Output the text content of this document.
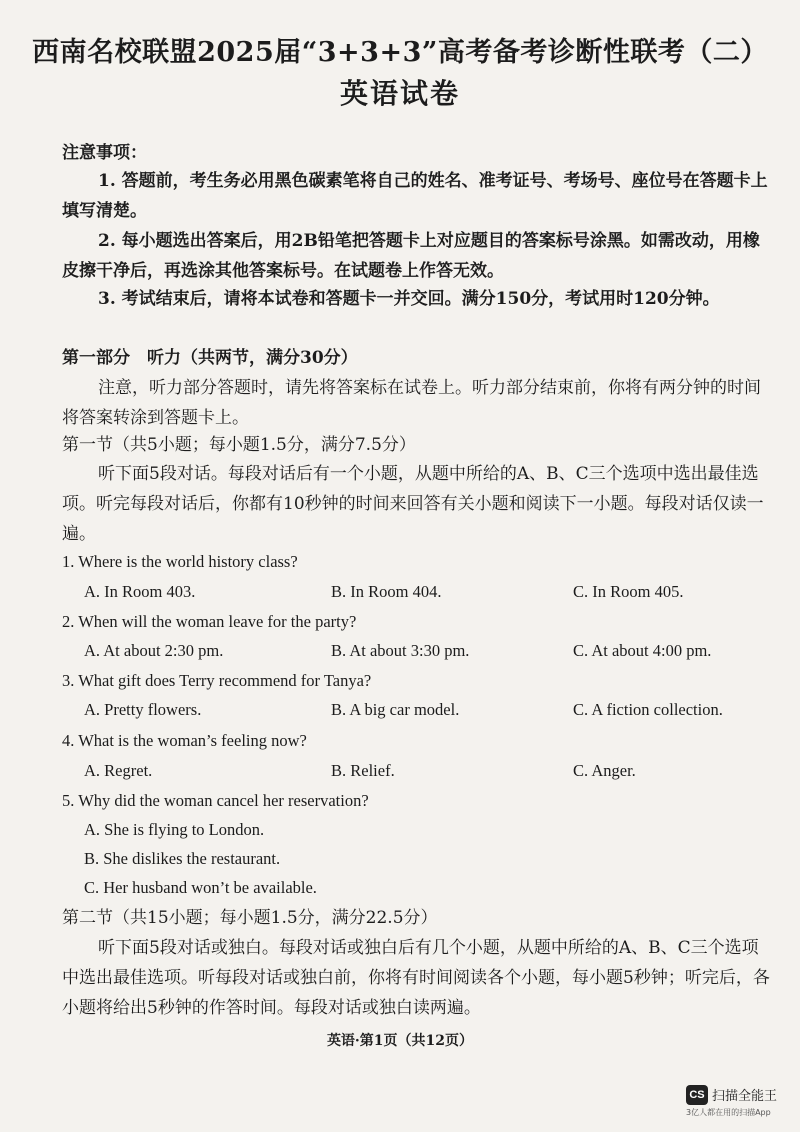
西南名校联盟2025届“3+3+3”高考备考诊断性联考（二）
英语试卷
注意事项：
1. 答题前，考生务必用黑色碳素笔将自己的姓名、准考证号、考场号、座位号在答题卡上填写清楚。
2. 每小题选出答案后，用2B铅笔把答题卡上对应题目的答案标号涂黑。如需改动，用橡皮擦干净后，再选涂其他答案标号。在试题卷上作答无效。
3. 考试结束后，请将本试卷和答题卡一并交回。满分150分，考试用时120分钟。
第一部分　听力（共两节，满分30分）
注意，听力部分答题时，请先将答案标在试卷上。听力部分结束前，你将有两分钟的时间将答案转涂到答题卡上。
第一节（共5小题；每小题1.5分，满分7.5分）
听下面5段对话。每段对话后有一个小题，从题中所给的A、B、C三个选项中选出最佳选项。听完每段对话后，你都有10秒钟的时间来回答有关小题和阅读下一小题。每段对话仅读一遍。
1. Where is the world history class?
A. In Room 403.	B. In Room 404.	C. In Room 405.
2. When will the woman leave for the party?
A. At about 2:30 pm.	B. At about 3:30 pm.	C. At about 4:00 pm.
3. What gift does Terry recommend for Tanya?
A. Pretty flowers.	B. A big car model.	C. A fiction collection.
4. What is the woman’s feeling now?
A. Regret.	B. Relief.	C. Anger.
5. Why did the woman cancel her reservation?
A. She is flying to London.
B. She dislikes the restaurant.
C. Her husband won’t be available.
第二节（共15小题；每小题1.5分，满分22.5分）
听下面5段对话或独白。每段对话或独白后有几个小题，从题中所给的A、B、C三个选项中选出最佳选项。听每段对话或独白前，你将有时间阅读各个小题，每小题5秒钟；听完后，各小题将给出5秒钟的作答时间。每段对话或独白读两遍。
英语·第1页（共12页）
CS 扫描全能王
3亿人都在用的扫描App
